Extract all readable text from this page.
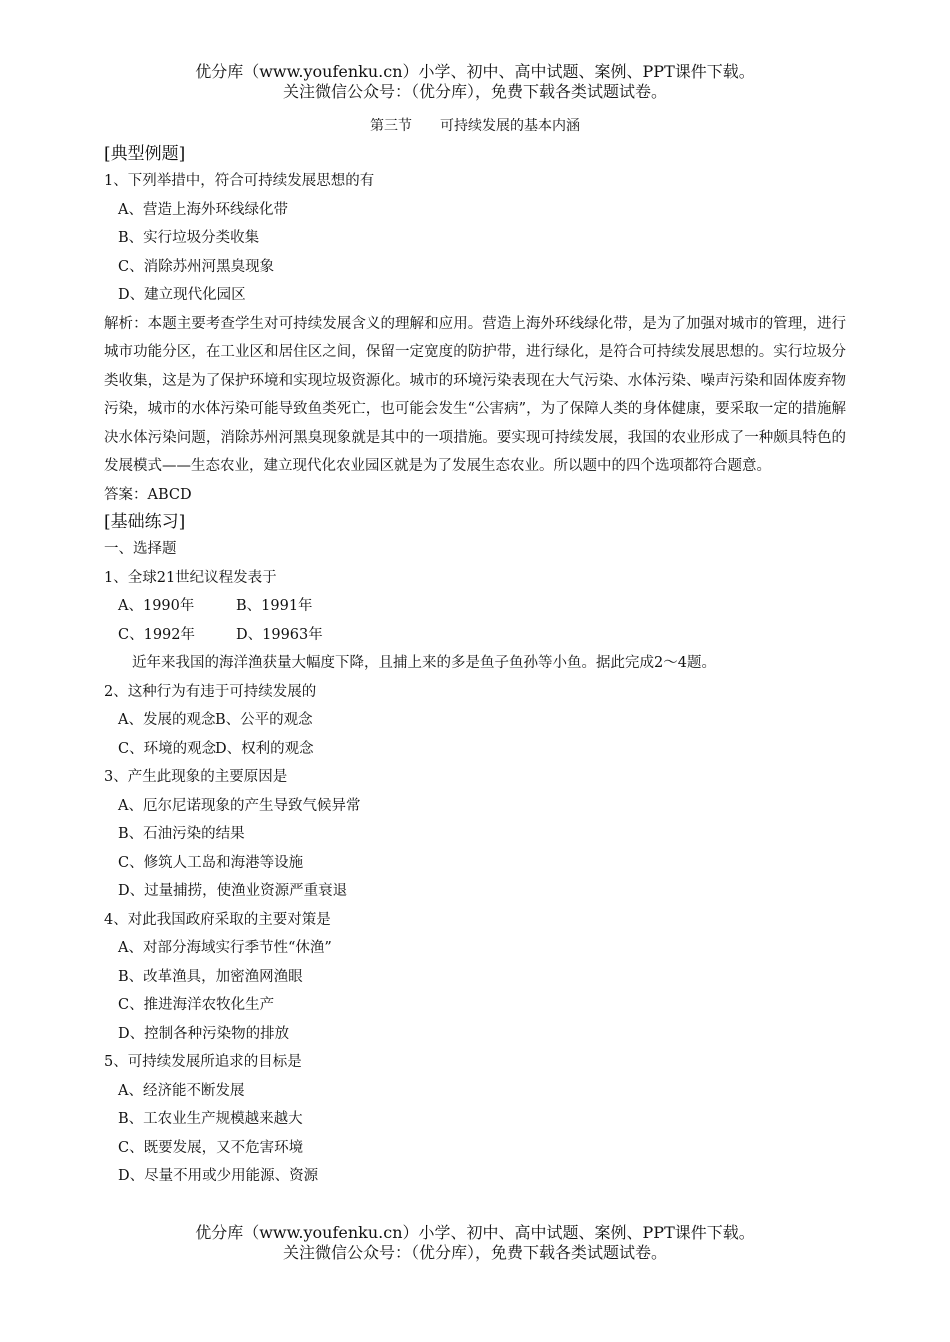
优分库（www.youfenku.cn）小学、初中、高中试题、案例、PPT课件下载。
关注微信公众号：（优分库），免费下载各类试题试卷。
第三节　　可持续发展的基本内涵
[典型例题]
1、下列举措中，符合可持续发展思想的有
A、营造上海外环线绿化带
B、实行垃圾分类收集
C、消除苏州河黑臭现象
D、建立现代化园区
解析：本题主要考查学生对可持续发展含义的理解和应用。营造上海外环线绿化带，是为了加强对城市的管理，进行城市功能分区，在工业区和居住区之间，保留一定宽度的防护带，进行绿化，是符合可持续发展思想的。实行垃圾分类收集，这是为了保护环境和实现垃圾资源化。城市的环境污染表现在大气污染、水体污染、噪声污染和固体废弃物污染，城市的水体污染可能导致鱼类死亡，也可能会发生“公害病”，为了保障人类的身体健康，要采取一定的措施解决水体污染问题，消除苏州河黑臭现象就是其中的一项措施。要实现可持续发展，我国的农业形成了一种颇具特色的发展模式——生态农业，建立现代化农业园区就是为了发展生态农业。所以题中的四个选项都符合题意。
答案：ABCD
[基础练习]
一、选择题
1、全球21世纪议程发表于
A、1990年	B、1991年
C、1992年	D、19963年
近年来我国的海洋渔获量大幅度下降，且捕上来的多是鱼子鱼孙等小鱼。据此完成2～4题。
2、这种行为有违于可持续发展的
A、发展的观念B、公平的观念
C、环境的观念D、权利的观念
3、产生此现象的主要原因是
A、厄尔尼诺现象的产生导致气候异常
B、石油污染的结果
C、修筑人工岛和海港等设施
D、过量捕捞，使渔业资源严重衰退
4、对此我国政府采取的主要对策是
A、对部分海域实行季节性“休渔”
B、改革渔具，加密渔网渔眼
C、推进海洋农牧化生产
D、控制各种污染物的排放
5、可持续发展所追求的目标是
A、经济能不断发展
B、工农业生产规模越来越大
C、既要发展，又不危害环境
D、尽量不用或少用能源、资源
优分库（www.youfenku.cn）小学、初中、高中试题、案例、PPT课件下载。
关注微信公众号：（优分库），免费下载各类试题试卷。
